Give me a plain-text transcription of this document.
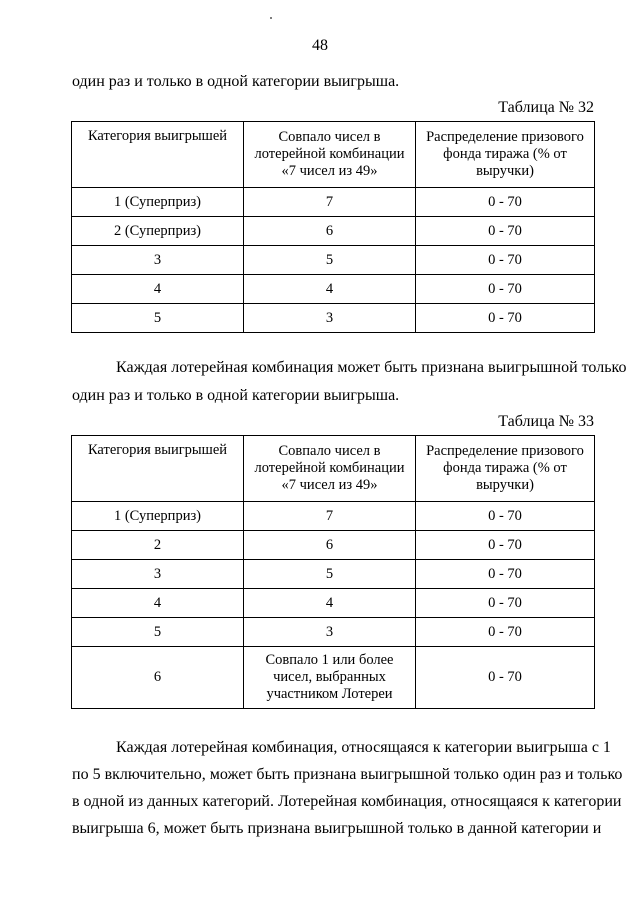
48
один раз и только в одной категории выигрыша.
Таблица № 32
Категория выигрышей	Совпало чисел в лотерейной комбинации «7 чисел из 49»	Распределение призового фонда тиража (% от выручки)
1 (Суперприз)	7	0 - 70
2 (Суперприз)	6	0 - 70
3	5	0 - 70
4	4	0 - 70
5	3	0 - 70
Каждая лотерейная комбинация может быть признана выигрышной только
один раз и только в одной категории выигрыша.
Таблица № 33
Категория выигрышей	Совпало чисел в лотерейной комбинации «7 чисел из 49»	Распределение призового фонда тиража (% от выручки)
1 (Суперприз)	7	0 - 70
2	6	0 - 70
3	5	0 - 70
4	4	0 - 70
5	3	0 - 70
6	Совпало 1 или более чисел, выбранных участником Лотереи	0 - 70
Каждая лотерейная комбинация, относящаяся к категории выигрыша с 1
по 5 включительно, может быть признана выигрышной только один раз и только
в одной из данных категорий. Лотерейная комбинация, относящаяся к категории
выигрыша 6, может быть признана выигрышной только в данной категории и
